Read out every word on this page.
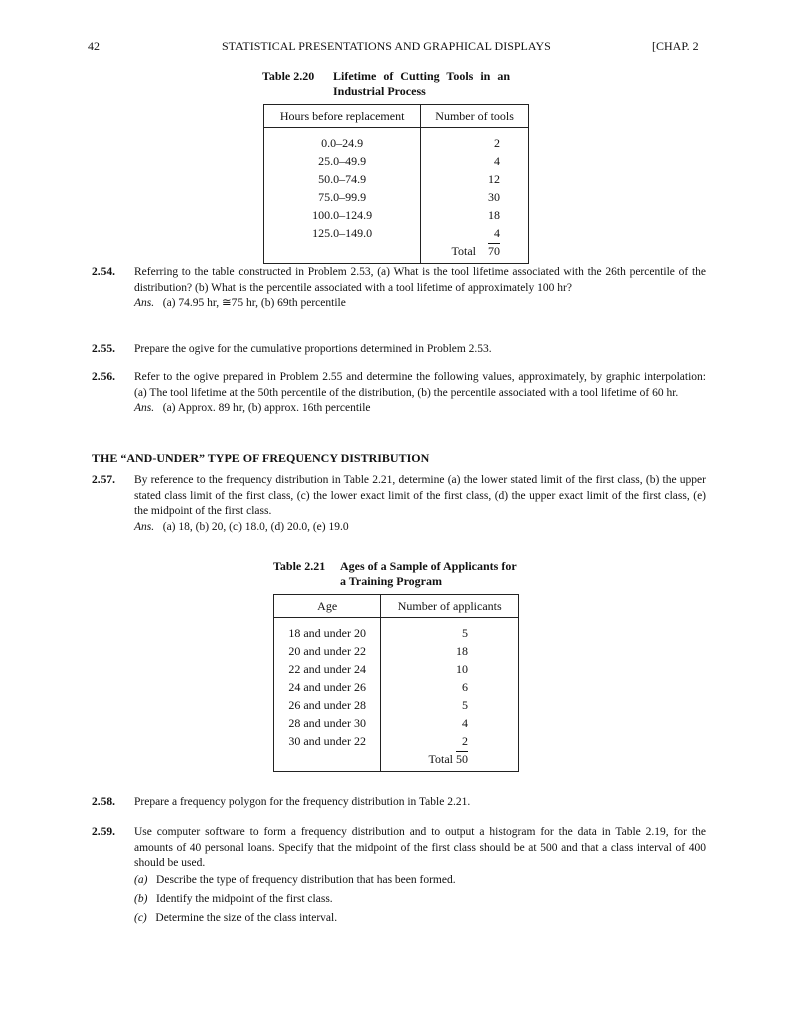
42	STATISTICAL PRESENTATIONS AND GRAPHICAL DISPLAYS	[CHAP. 2
Table 2.20 Lifetime of Cutting Tools in an
Industrial Process
Hours before replacement	Number of tools
0.0–24.9	2
25.0–49.9	4
50.0–74.9	12
75.0–99.9	30
100.0–124.9	18
125.0–149.0	4
	Total 70
2.54. Referring to the table constructed in Problem 2.53, (a) What is the tool lifetime associated with the 26th percentile of the distribution? (b) What is the percentile associated with a tool lifetime of approximately 100 hr?
Ans. (a) 74.95 hr, ≅75 hr, (b) 69th percentile
2.55. Prepare the ogive for the cumulative proportions determined in Problem 2.53.
2.56. Refer to the ogive prepared in Problem 2.55 and determine the following values, approximately, by graphic interpolation: (a) The tool lifetime at the 50th percentile of the distribution, (b) the percentile associated with a tool lifetime of 60 hr.
Ans. (a) Approx. 89 hr, (b) approx. 16th percentile
THE “AND-UNDER” TYPE OF FREQUENCY DISTRIBUTION
2.57. By reference to the frequency distribution in Table 2.21, determine (a) the lower stated limit of the first class, (b) the upper stated class limit of the first class, (c) the lower exact limit of the first class, (d) the upper exact limit of the first class, (e) the midpoint of the first class.
Ans. (a) 18, (b) 20, (c) 18.0, (d) 20.0, (e) 19.0
Table 2.21 Ages of a Sample of Applicants for
a Training Program
Age	Number of applicants
18 and under 20	5
20 and under 22	18
22 and under 24	10
24 and under 26	6
26 and under 28	5
28 and under 30	4
30 and under 22	2
	Total 50
2.58. Prepare a frequency polygon for the frequency distribution in Table 2.21.
2.59. Use computer software to form a frequency distribution and to output a histogram for the data in Table 2.19, for the amounts of 40 personal loans. Specify that the midpoint of the first class should be at 500 and that a class interval of 400 should be used.
(a) Describe the type of frequency distribution that has been formed.
(b) Identify the midpoint of the first class.
(c) Determine the size of the class interval.
